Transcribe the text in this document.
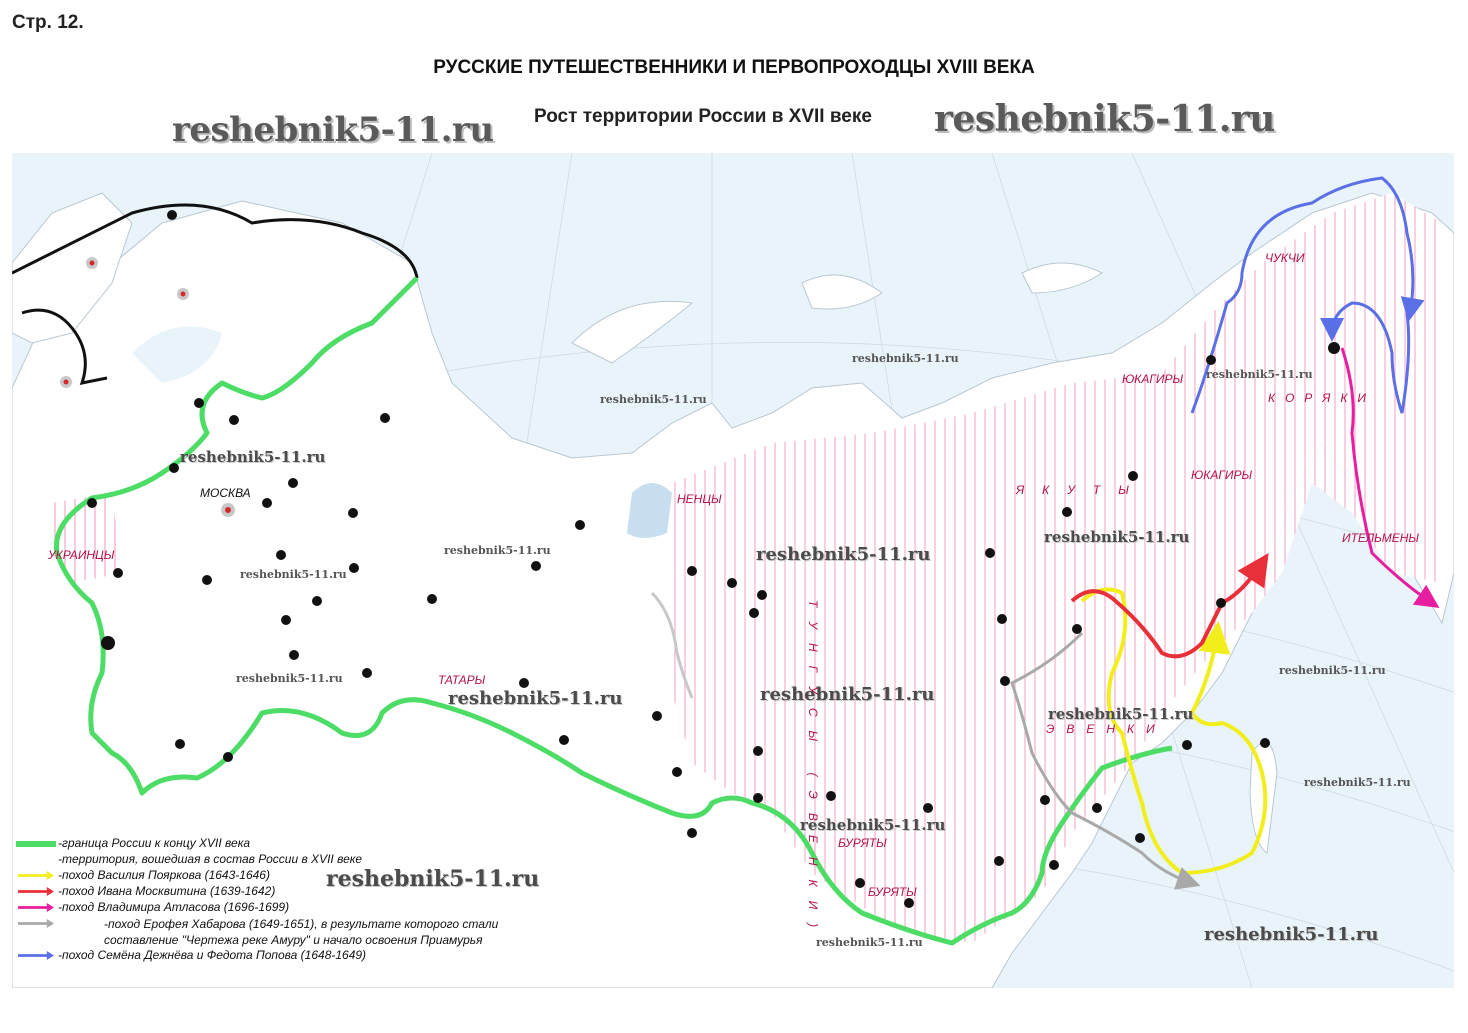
Стр. 12.
РУССКИЕ ПУТЕШЕСТВЕННИКИ И ПЕРВОПРОХОДЦЫ XVIII ВЕКА
reshebnik5-11.ru Рост территории России в XVII веке reshebnik5-11.ru
УКРАИНЦЫ
ТАТАРЫ
НЕНЦЫ
ЧУКЧИ
ЮКАГИРЫ
ЮКАГИРЫ
КОРЯКИ
ЯКУТЫ
ИТЕЛЬМЕНЫ
ЭВЕНКИ
БУРЯТЫ
БУРЯТЫ
ТУНГУСЫ (ЭВЕНКИ)
МОСКВА
reshebnik5-11.ru
reshebnik5-11.ru
reshebnik5-11.ru
reshebnik5-11.ru
reshebnik5-11.ru
reshebnik5-11.ru
reshebnik5-11.ru
reshebnik5-11.ru
reshebnik5-11.ru
reshebnik5-11.ru
reshebnik5-11.ru
reshebnik5-11.ru
reshebnik5-11.ru
reshebnik5-11.ru
reshebnik5-11.ru
reshebnik5-11.ru
reshebnik5-11.ru
reshebnik5-11.ru
-граница России к концу XVII века
-территория, вошедшая в состав России в XVII веке
-поход Василия Пояркова (1643-1646)
-поход Ивана Москвитина (1639-1642)
-поход Владимира Атласова (1696-1699)
-поход Ерофея Хабарова (1649-1651), в результате которого стали составление "Чертежа реке Амуру" и начало освоения Приамурья
-поход Семёна Дежнёва и Федота Попова (1648-1649)
